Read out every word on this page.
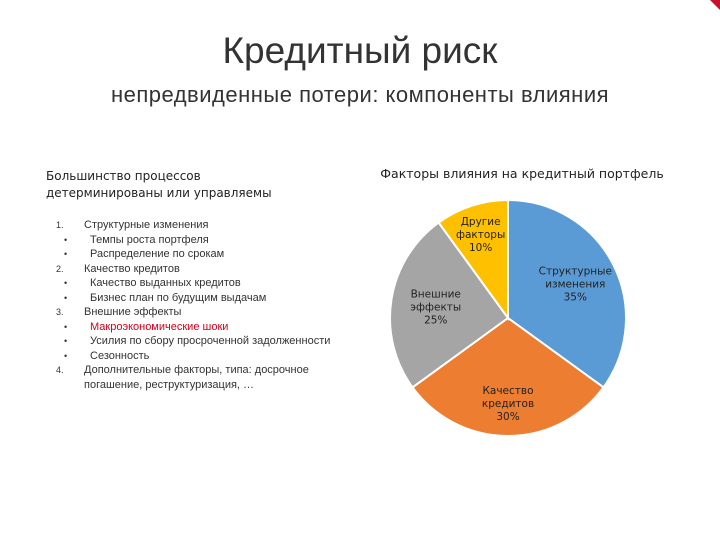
Кредитный риск
непредвиденные потери: компоненты влияния
Большинство процессов
детерминированы или управляемы
1. Структурные изменения
• Темпы роста портфеля
• Распределение по срокам
2. Качество кредитов
• Качество выданных кредитов
• Бизнес план по будущим выдачам
3. Внешние эффекты
• Макроэкономические шоки
• Усилия по сбору просроченной задолженности
• Сезонность
4. Дополнительные факторы, типа: досрочное погашение, реструктуризация, …
Факторы влияния на кредитный портфель
Структурные изменения 35%
Качество кредитов 30%
Внешние эффекты 25%
Другие факторы 10%
